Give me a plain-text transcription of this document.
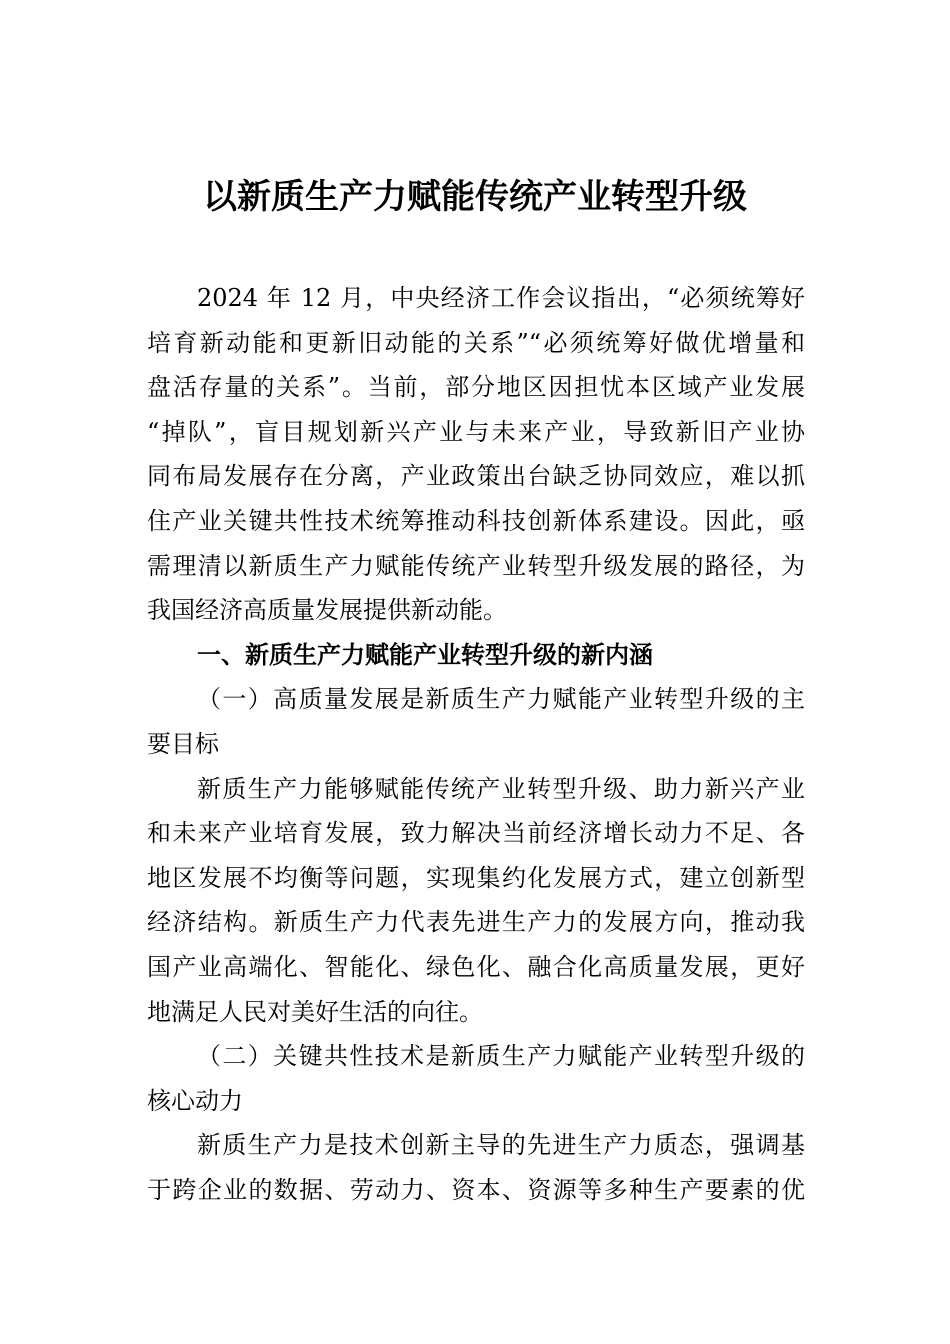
以新质生产力赋能传统产业转型升级
2024 年 12 月，中央经济工作会议指出，“必须统筹好
培育新动能和更新旧动能的关系”“必须统筹好做优增量和
盘活存量的关系”。当前，部分地区因担忧本区域产业发展
“掉队”，盲目规划新兴产业与未来产业，导致新旧产业协
同布局发展存在分离，产业政策出台缺乏协同效应，难以抓
住产业关键共性技术统筹推动科技创新体系建设。因此，亟
需理清以新质生产力赋能传统产业转型升级发展的路径，为
我国经济高质量发展提供新动能。
一、新质生产力赋能产业转型升级的新内涵
（一）高质量发展是新质生产力赋能产业转型升级的主
要目标
新质生产力能够赋能传统产业转型升级、助力新兴产业
和未来产业培育发展，致力解决当前经济增长动力不足、各
地区发展不均衡等问题，实现集约化发展方式，建立创新型
经济结构。新质生产力代表先进生产力的发展方向，推动我
国产业高端化、智能化、绿色化、融合化高质量发展，更好
地满足人民对美好生活的向往。
（二）关键共性技术是新质生产力赋能产业转型升级的
核心动力
新质生产力是技术创新主导的先进生产力质态，强调基
于跨企业的数据、劳动力、资本、资源等多种生产要素的优
